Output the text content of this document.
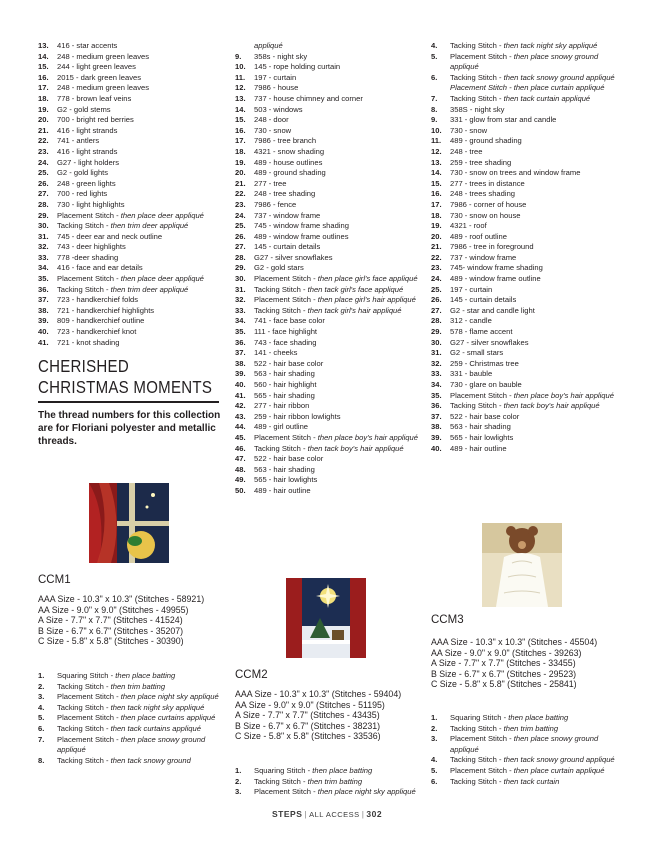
13.	416 - star accents
14.	248 - medium green leaves
15.	244 - light green leaves
16.	2015 - dark green leaves
17.	248 - medium green leaves
18.	778 - brown leaf veins
19.	G2 - gold stems
20.	700 - bright red berries
21.	416 - light strands
22.	741 - antlers
23.	416 - light strands
24.	G27 - light holders
25.	G2 - gold lights
26.	248 - green lights
27.	700 - red lights
28.	730 - light highlights
29.	Placement Stitch - then place deer appliqué
30.	Tacking Stitch - then trim deer appliqué
31.	745 - deer ear and neck outline
32.	743 - deer highlights
33.	778 -deer shading
34.	416 - face and ear details
35.	Placement Stitch - then place deer appliqué
36.	Tacking Stitch - then trim deer appliqué
37.	723 - handkerchief folds
38.	721 - handkerchief highlights
39.	809 - handkerchief outline
40.	723 - handkerchief knot
41.	721 - knot shading
CHERISHED
CHRISTMAS MOMENTS
The thread numbers for this collection are for Floriani polyester and metallic threads.
CCM1
AAA Size - 10.3" x 10.3" (Stitches - 58921)
AA Size - 9.0" x 9.0" (Stitches - 49955)
A Size - 7.7" x 7.7" (Stitches - 41524)
B Size - 6.7" x 6.7" (Stitches - 35207)
C Size - 5.8" x 5.8" (Stitches - 30390)
1.	Squaring Stitch - then place batting
2.	Tacking Stitch - then trim batting
3.	Placement Stitch - then place night sky appliqué
4.	Tacking Stitch - then tack night sky appliqué
5.	Placement Stitch - then place curtains appliqué
6.	Tacking Stitch - then tack curtains appliqué
7.	Placement Stitch - then place snowy ground appliqué
8.	Tacking Stitch - then tack snowy ground
appliqué
9.	358s - night sky
10.	145 - rope holding curtain
11.	197 - curtain
12.	7986 - house
13.	737 - house chimney and corner
14.	503 - windows
15.	248 - door
16.	730 - snow
17.	7986 - tree branch
18.	4321 - snow shading
19.	489 - house outlines
20.	489 - ground shading
21.	277 - tree
22.	248 - tree shading
23.	7986 - fence
24.	737 - window frame
25.	745 - window frame shading
26.	489 - window frame outlines
27.	145 - curtain details
28.	G27 - silver snowflakes
29.	G2 - gold stars
30.	Placement Stitch - then place girl's face appliqué
31.	Tacking Stitch - then tack girl's face appliqué
32.	Placement Stitch - then place girl's hair appliqué
33.	Tacking Stitch - then tack girl's hair appliqué
34.	741 - face base color
35.	111 - face highlight
36.	743 - face shading
37.	141 - cheeks
38.	522 - hair base color
39.	563 - hair shading
40.	560 - hair highlight
41.	565 - hair shading
42.	277 - hair ribbon
43.	259 - hair ribbon lowlights
44.	489 - girl outline
45.	Placement Stitch - then place boy's hair appliqué
46.	Tacking Stitch - then tack boy's hair appliqué
47.	522 - hair base color
48.	563 - hair shading
49.	565 - hair lowlights
50.	489 - hair outline
CCM2
AAA Size - 10.3" x 10.3" (Stitches - 59404)
AA Size - 9.0" x 9.0" (Stitches - 51195)
A Size - 7.7" x 7.7" (Stitches - 43435)
B Size - 6.7" x 6.7" (Stitches - 38231)
C Size - 5.8" x 5.8" (Stitches - 33536)
1.	Squaring Stitch - then place batting
2.	Tacking Stitch - then trim batting
3.	Placement Stitch - then place night sky appliqué
4.	Tacking Stitch - then tack night sky appliqué
5.	Placement Stitch - then place snowy ground appliqué
6.	Tacking Stitch - then tack snowy ground appliqué Placement Stitch - then place curtain appliqué
7.	Tacking Stitch - then tack curtain appliqué
8.	358S - night sky
9.	331 - glow from star and candle
10.	730 - snow
11.	489 - ground shading
12.	248 - tree
13.	259 - tree shading
14.	730 - snow on trees and window frame
15.	277 - trees in distance
16.	248 - trees shading
17.	7986 - corner of house
18.	730 - snow on house
19.	4321 - roof
20.	489 - roof outline
21.	7986 - tree in foreground
22.	737 - window frame
23.	745- window frame shading
24.	489 - window frame outline
25.	197 - curtain
26.	145 - curtain details
27.	G2 - star and candle light
28.	312 - candle
29.	578 - flame accent
30.	G27 - silver snowflakes
31.	G2 - small stars
32.	259 - Christmas tree
33.	331 - bauble
34.	730 - glare on bauble
35.	Placement Stitch - then place boy's hair appliqué
36.	Tacking Stitch - then tack boy's hair appliqué
37.	522 - hair base color
38.	563 - hair shading
39.	565 - hair lowlights
40.	489 - hair outline
CCM3
AAA Size - 10.3" x 10.3" (Stitches - 45504)
AA Size - 9.0" x 9.0" (Stitches - 39263)
A Size - 7.7" x 7.7" (Stitches - 33455)
B Size - 6.7" x 6.7" (Stitches - 29523)
C Size - 5.8" x 5.8" (Stitches - 25841)
1.	Squaring Stitch - then place batting
2.	Tacking Stitch - then trim batting
3.	Placement Stitch - then place snowy ground appliqué
4.	Tacking Stitch - then tack snowy ground appliqué
5.	Placement Stitch - then place curtain appliqué
6.	Tacking Stitch - then tack curtain
STEPS | ALL ACCESS | 302
